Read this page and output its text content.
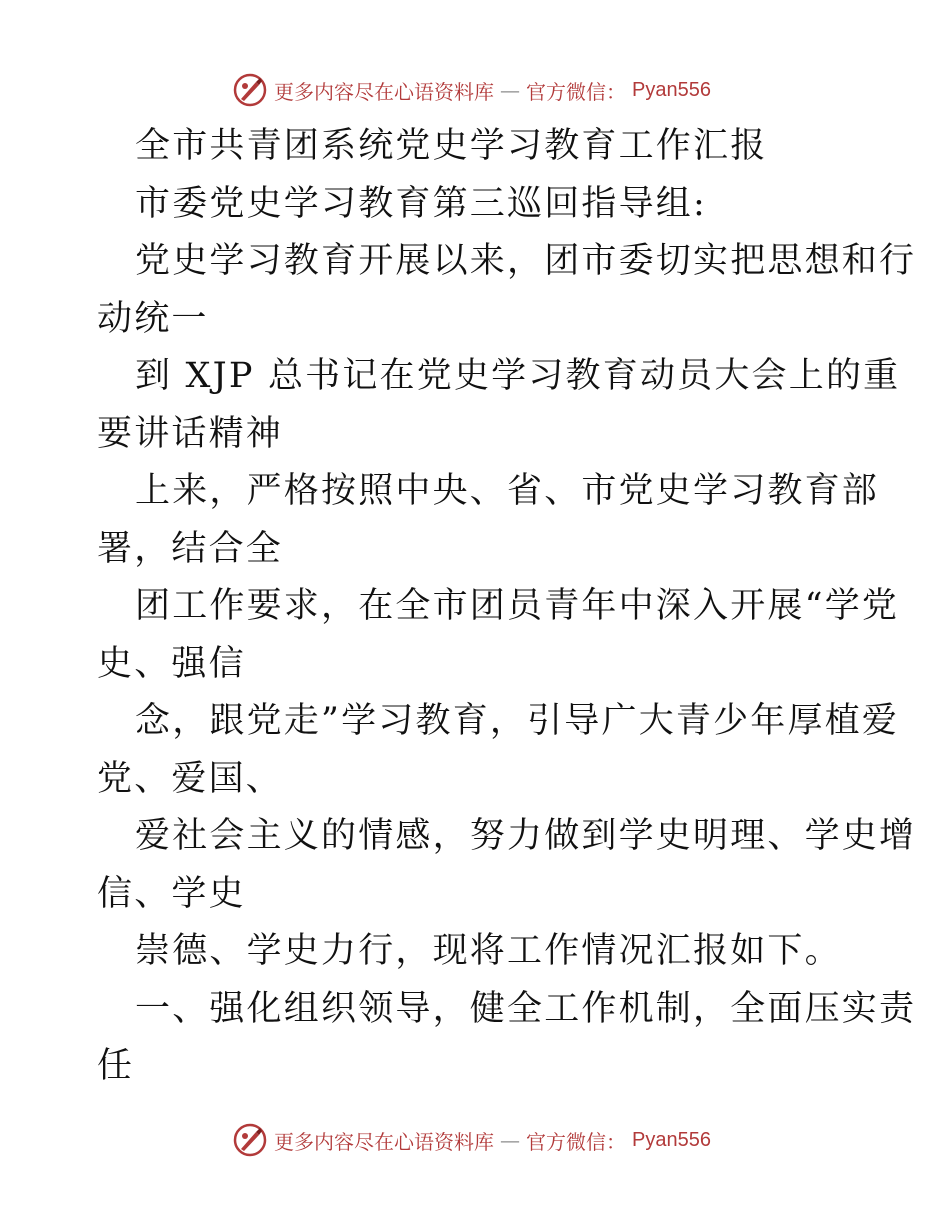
更多内容尽在心语资料库 — 官方微信： Pyan556
全市共青团系统党史学习教育工作汇报
市委党史学习教育第三巡回指导组:
党史学习教育开展以来，团市委切实把思想和行
动统一
到 XJP 总书记在党史学习教育动员大会上的重
要讲话精神
上来，严格按照中央、省、市党史学习教育部
署，结合全
团工作要求，在全市团员青年中深入开展“学党
史、强信
念，跟党走”学习教育，引导广大青少年厚植爱
党、爱国、
爱社会主义的情感，努力做到学史明理、学史增
信、学史
崇德、学史力行，现将工作情况汇报如下。
一、强化组织领导，健全工作机制，全面压实责
任
更多内容尽在心语资料库 — 官方微信： Pyan556
